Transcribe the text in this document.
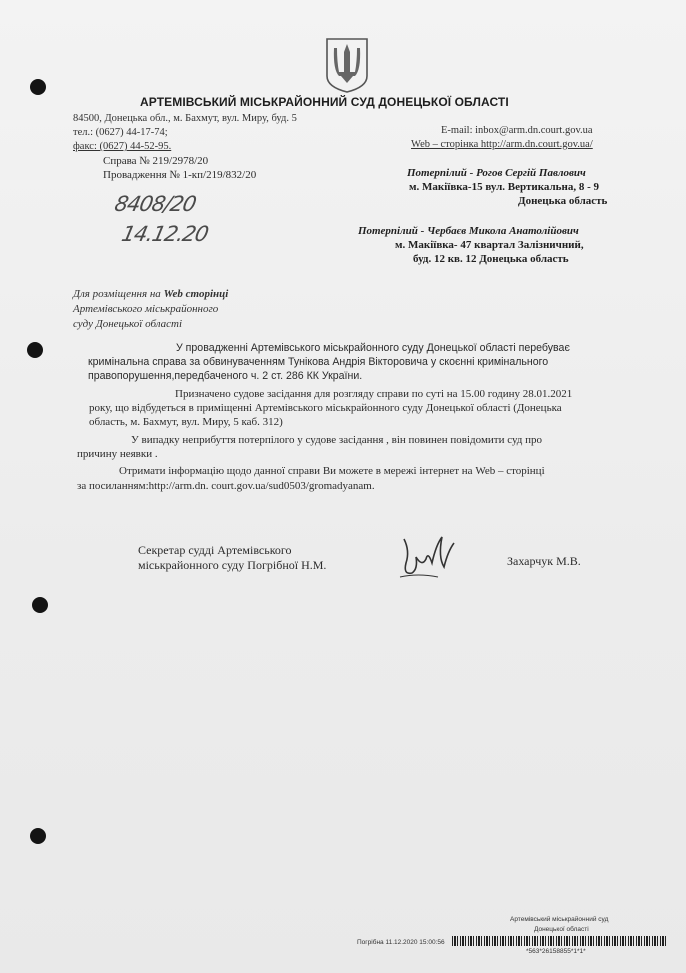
АРТЕМІВСЬКИЙ МІСЬКРАЙОННИЙ СУД ДОНЕЦЬКОЇ ОБЛАСТІ
84500, Донецька обл., м. Бахмут, вул. Миру, буд. 5
тел.: (0627) 44-17-74;
факс: (0627) 44-52-95.
E-mail: inbox@arm.dn.court.gov.ua
Web – сторінка http://arm.dn.court.gov.ua/
Справа № 219/2978/20
Провадження № 1-кп/219/832/20
8408/20
14.12.20
Потерпілий - Рогов Сергій Павлович
м. Макіївка-15 вул. Вертикальна, 8 - 9
Донецька область
Потерпілий - Чербаєв Микола Анатолійович
м. Макіївка- 47 квартал Залізничний,
буд. 12 кв. 12 Донецька область
Для розміщення на Web сторінці
Артемівського міськрайонного
суду Донецької області
У провадженні Артемівського міськрайонного суду Донецької області перебуває
кримінальна справа за обвинуваченням Тунікова Андрія Вікторовича у скоєнні кримінального
правопорушення,передбаченого ч. 2 ст. 286 КК України.
Призначено судове засідання для розгляду справи по суті на 15.00 годину 28.01.2021
року, що відбудеться в приміщенні Артемівського міськрайонного суду Донецької області (Донецька
область, м. Бахмут, вул. Миру, 5 каб. 312)
У випадку неприбуття потерпілого у судове засідання , він повинен повідомити суд про
причину неявки .
Отримати інформацію щодо данної справи Ви можете в мережі інтернет на Web – сторінці
за посиланням:http://arm.dn. court.gov.ua/sud0503/gromadyanam.
Секретар судді Артемівського
міськрайонного суду Погрібної Н.М.	Захарчук М.В.
Артемівський міськрайонний суд
Донецької області
Погрібна 11.12.2020 15:00:56
*563*26158855*1*1*
